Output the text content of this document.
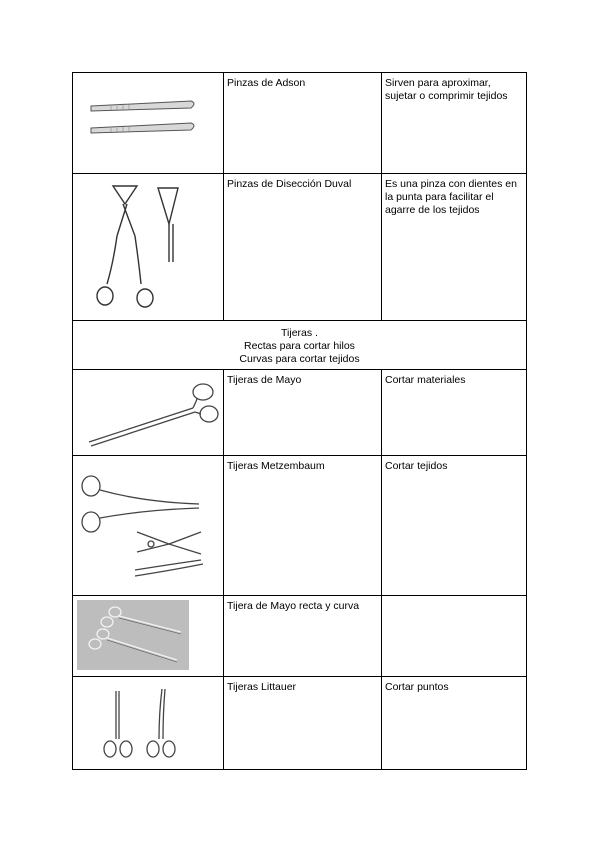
	Pinzas de Adson	Sirven para aproximar, sujetar o comprimir tejidos

	Pinzas de Disección Duval	Es una pinza con dientes en la punta para facilitar el agarre de los tejidos

Tijeras .
Rectas para cortar hilos
Curvas para cortar tejidos		

	Tijeras de Mayo	Cortar materiales

	Tijeras Metzembaum	Cortar tejidos

	Tijera de Mayo recta y curva	

	Tijeras Littauer	Cortar puntos
